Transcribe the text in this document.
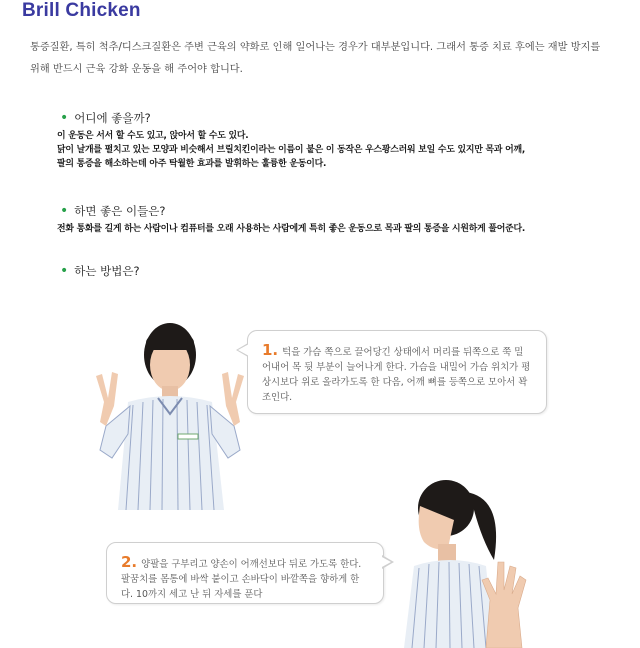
Brill Chicken
통증질환, 특히 척추/디스크질환은 주변 근육의 약화로 인해 일어나는 경우가 대부분입니다. 그래서 통증 치료 후에는 재발 방지를 위해 반드시 근육 강화 운동을 해 주어야 합니다.
• 어디에 좋을까?
이 운동은 서서 할 수도 있고, 앉아서 할 수도 있다.
닭이 날개를 펼치고 있는 모양과 비슷해서 브릴치킨이라는 이름이 붙은 이 동작은 우스꽝스러워 보일 수도 있지만 목과 어깨,
팔의 통증을 해소하는데 아주 탁월한 효과를 발휘하는 훌륭한 운동이다.
• 하면 좋은 이들은?
전화 통화를 길게 하는 사람이나 컴퓨터를 오래 사용하는 사람에게 특히 좋은 운동으로 목과 팔의 통증을 시원하게 풀어준다.
• 하는 방법은?
1. 턱을 가슴 쪽으로 끌어당긴 상태에서 머리를 뒤쪽으로 쭉 밀어내어 목 뒷 부분이 늘어나게 한다. 가슴을 내밀어 가슴 위치가 평상시보다 위로 올라가도록 한 다음, 어깨 뼈를 등쪽으로 모아서 꽉 조인다.
2. 양팔을 구부리고 양손이 어깨선보다 뒤로 가도록 한다. 팔꿈치를 몸통에 바싹 붙이고 손바닥이 바깥쪽을 향하게 한다. 10까지 세고 난 뒤 자세를 푼다
